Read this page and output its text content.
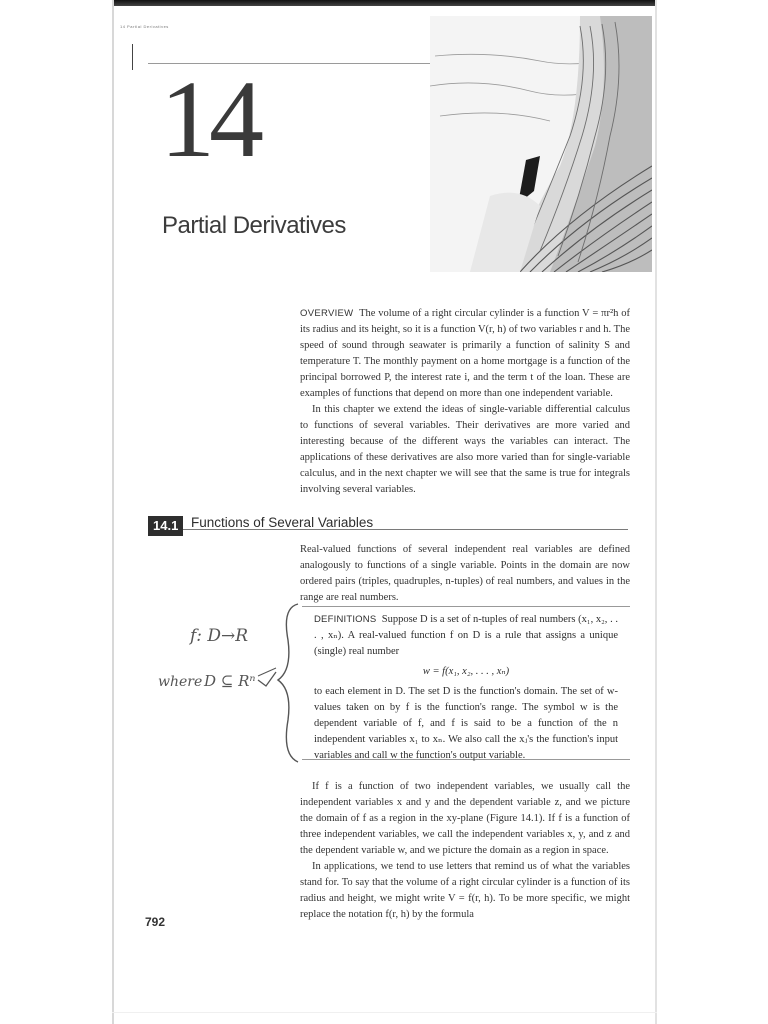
14 Partial Derivatives
14
Partial Derivatives

OVERVIEW The volume of a right circular cylinder is a function V = πr²h of its radius and its height, so it is a function V(r, h) of two variables r and h. The speed of sound through seawater is primarily a function of salinity S and temperature T. The monthly payment on a home mortgage is a function of the principal borrowed P, the interest rate i, and the term t of the loan. These are examples of functions that depend on more than one independent variable.

In this chapter we extend the ideas of single-variable differential calculus to functions of several variables. Their derivatives are more varied and interesting because of the different ways the variables can interact. The applications of these derivatives are also more varied than for single-variable calculus, and in the next chapter we will see that the same is true for integrals involving several variables.

14.1 Functions of Several Variables

Real-valued functions of several independent real variables are defined analogously to functions of a single variable. Points in the domain are now ordered pairs (triples, quadruples, n-tuples) of real numbers, and values in the range are real numbers.

DEFINITIONS Suppose D is a set of n-tuples of real numbers (x₁, x₂, . . . , xₙ). A real-valued function f on D is a rule that assigns a unique (single) real number

w = f(x₁, x₂, . . . , xₙ)

to each element in D. The set D is the function's domain. The set of w-values taken on by f is the function's range. The symbol w is the dependent variable of f, and f is said to be a function of the n independent variables x₁ to xₙ. We also call the xⱼ's the function's input variables and call w the function's output variable.

f: D→R
where D ⊆ Rⁿ

If f is a function of two independent variables, we usually call the independent variables x and y and the dependent variable z, and we picture the domain of f as a region in the xy-plane (Figure 14.1). If f is a function of three independent variables, we call the independent variables x, y, and z and the dependent variable w, and we picture the domain as a region in space.

In applications, we tend to use letters that remind us of what the variables stand for. To say that the volume of a right circular cylinder is a function of its radius and height, we might write V = f(r, h). To be more specific, we might replace the notation f(r, h) by the formula

792
